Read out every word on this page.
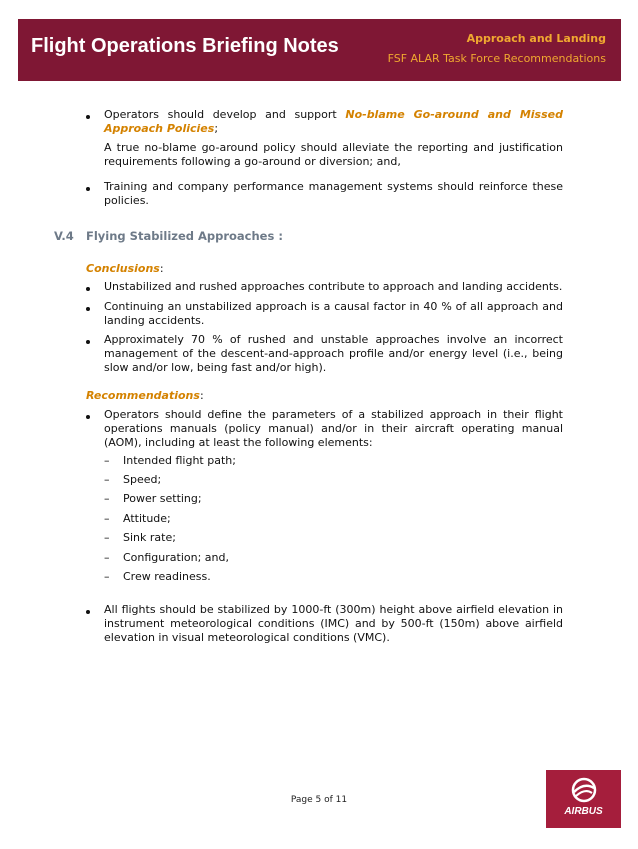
Flight Operations Briefing Notes	Approach and Landing
FSF ALAR Task Force Recommendations
Operators should develop and support No-blame Go-around and Missed Approach Policies;
A true no-blame go-around policy should alleviate the reporting and justification requirements following a go-around or diversion; and,
Training and company performance management systems should reinforce these policies.
V.4 Flying Stabilized Approaches :
Conclusions:
Unstabilized and rushed approaches contribute to approach and landing accidents.
Continuing an unstabilized approach is a causal factor in 40 % of all approach and landing accidents.
Approximately 70 % of rushed and unstable approaches involve an incorrect management of the descent-and-approach profile and/or energy level (i.e., being slow and/or low, being fast and/or high).
Recommendations:
Operators should define the parameters of a stabilized approach in their flight operations manuals (policy manual) and/or in their aircraft operating manual (AOM), including at least the following elements:
– Intended flight path;
– Speed;
– Power setting;
– Attitude;
– Sink rate;
– Configuration; and,
– Crew readiness.
All flights should be stabilized by 1000-ft (300m) height above airfield elevation in instrument meteorological conditions (IMC) and by 500-ft (150m) above airfield elevation in visual meteorological conditions (VMC).
Page 5 of 11
AIRBUS
